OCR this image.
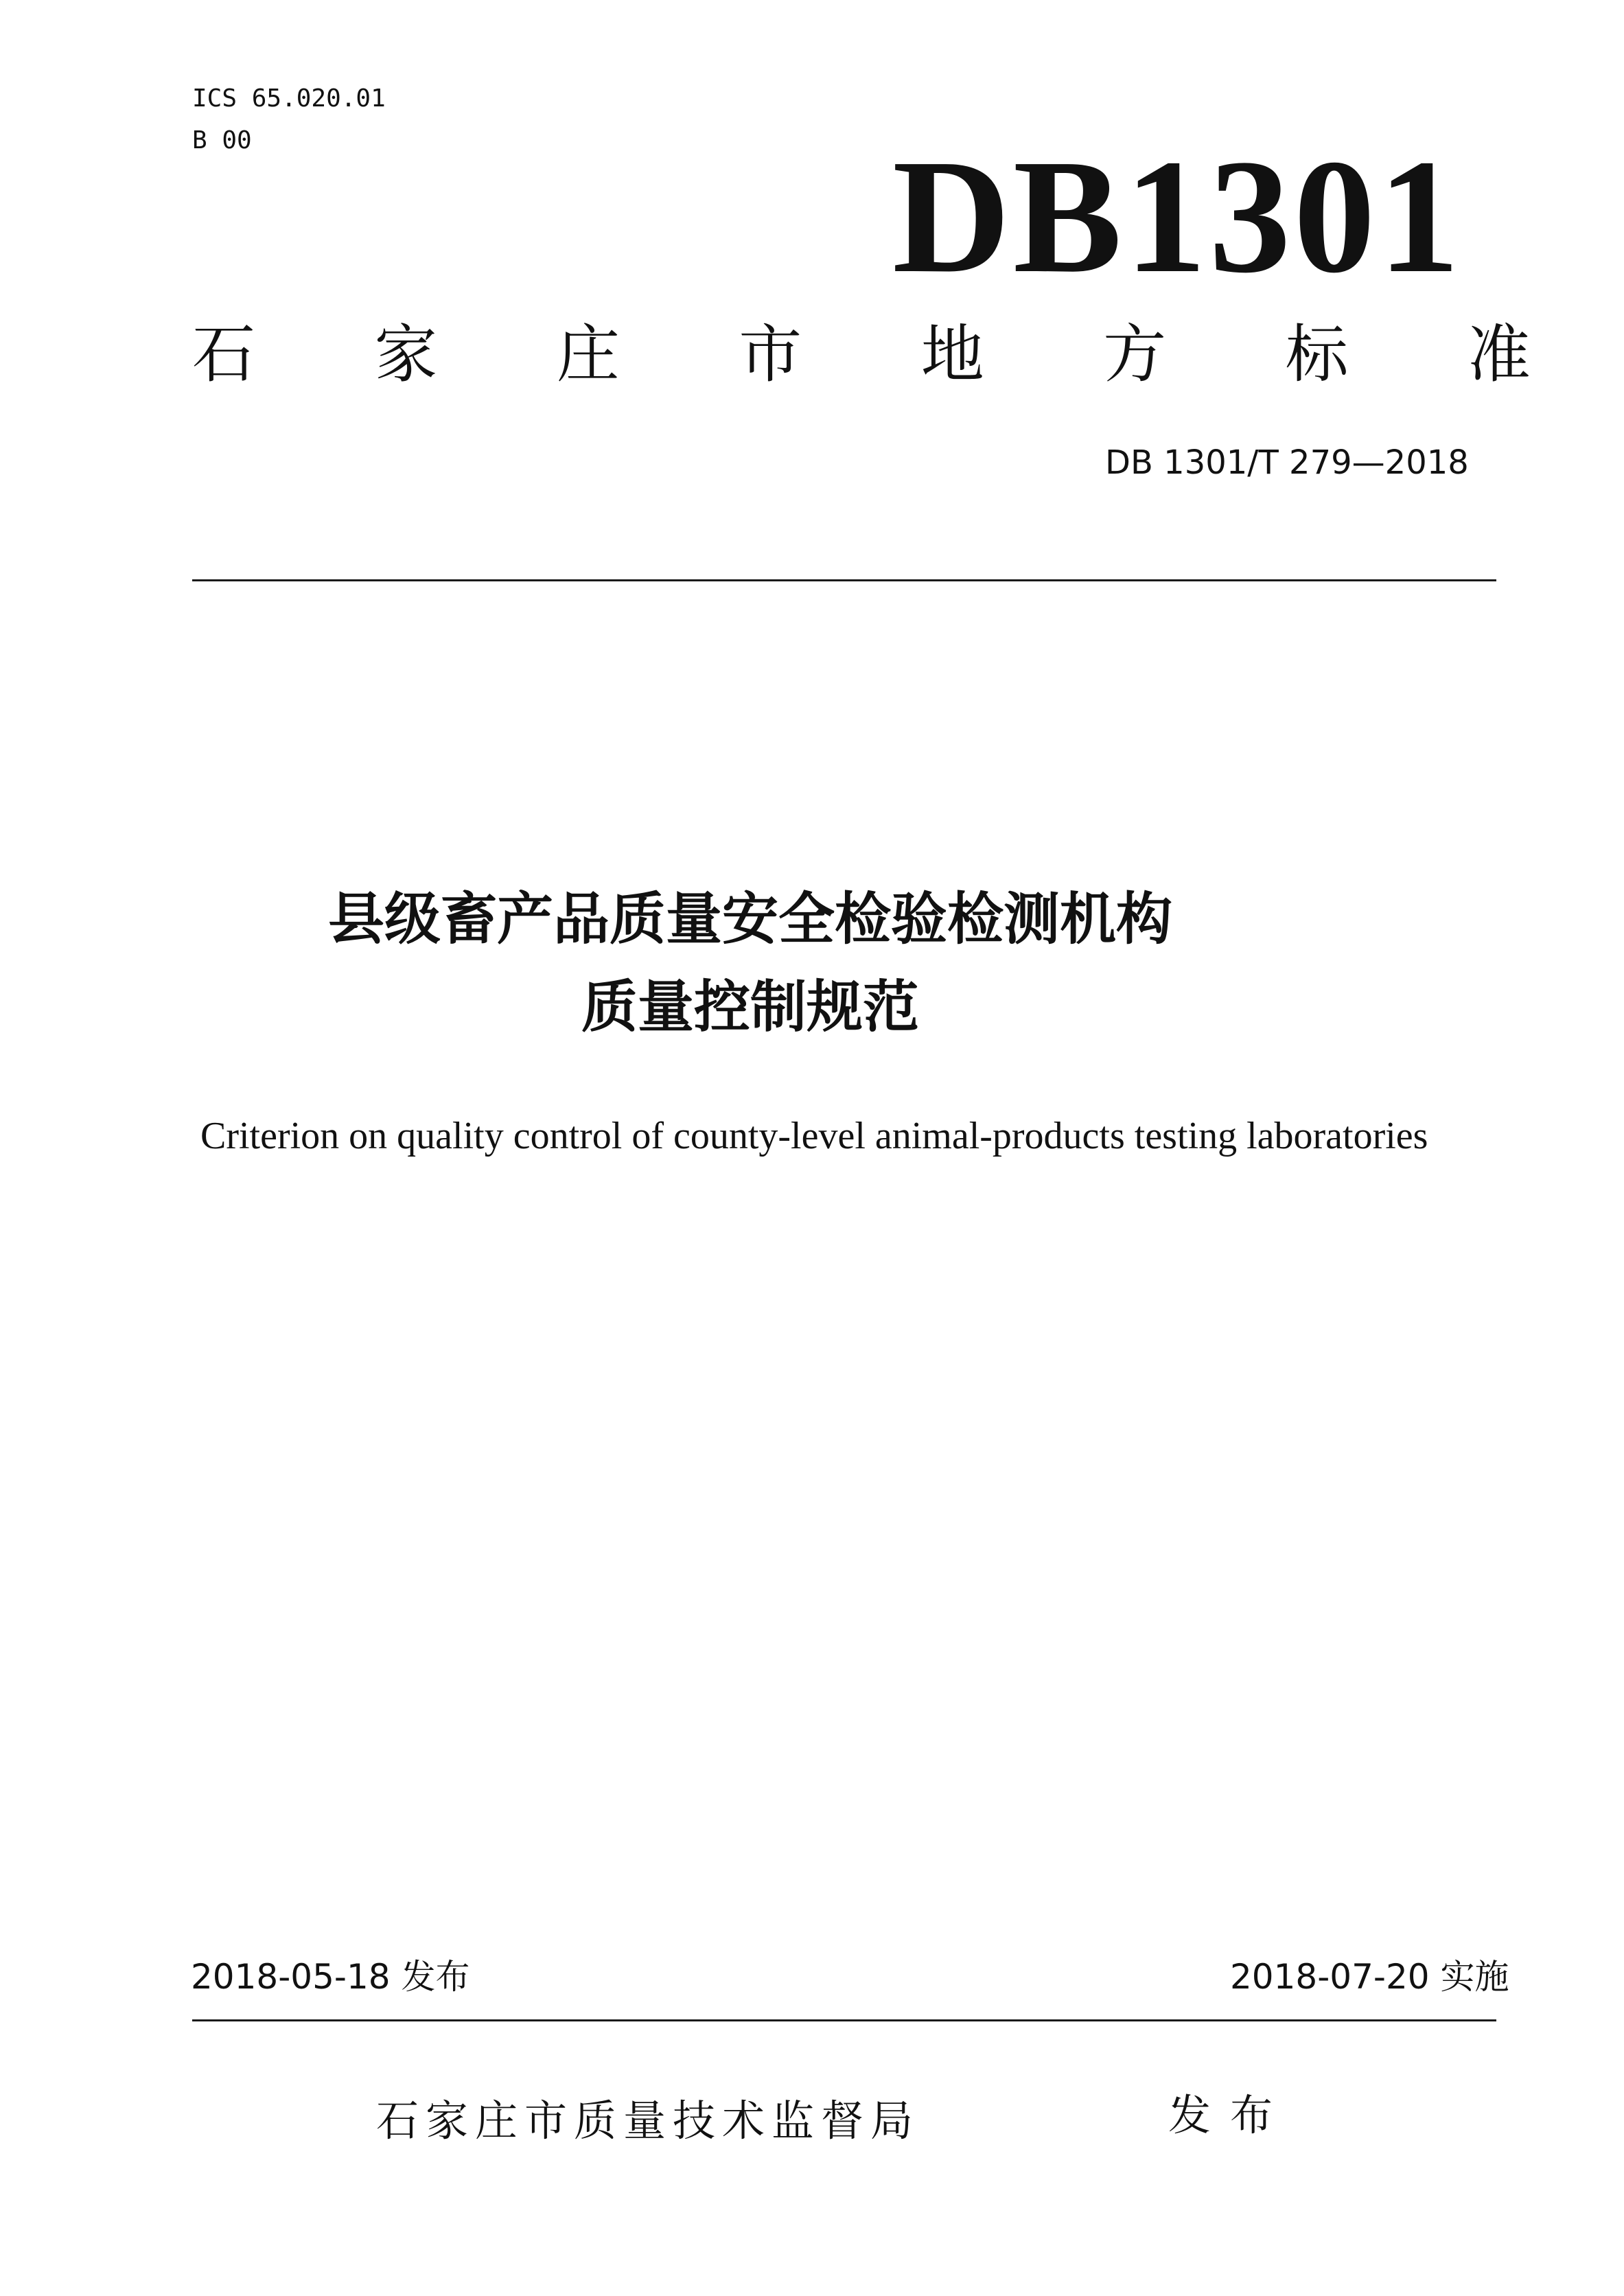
ICS 65.020.01
B 00	DB1301
石 家 庄 市 地 方 标 准
DB 1301/T 279—2018
县级畜产品质量安全检验检测机构
质量控制规范
Criterion on quality control of county-level animal-products testing laboratories
2018-05-18 发布	2018-07-20 实施
石家庄市质量技术监督局	发布
